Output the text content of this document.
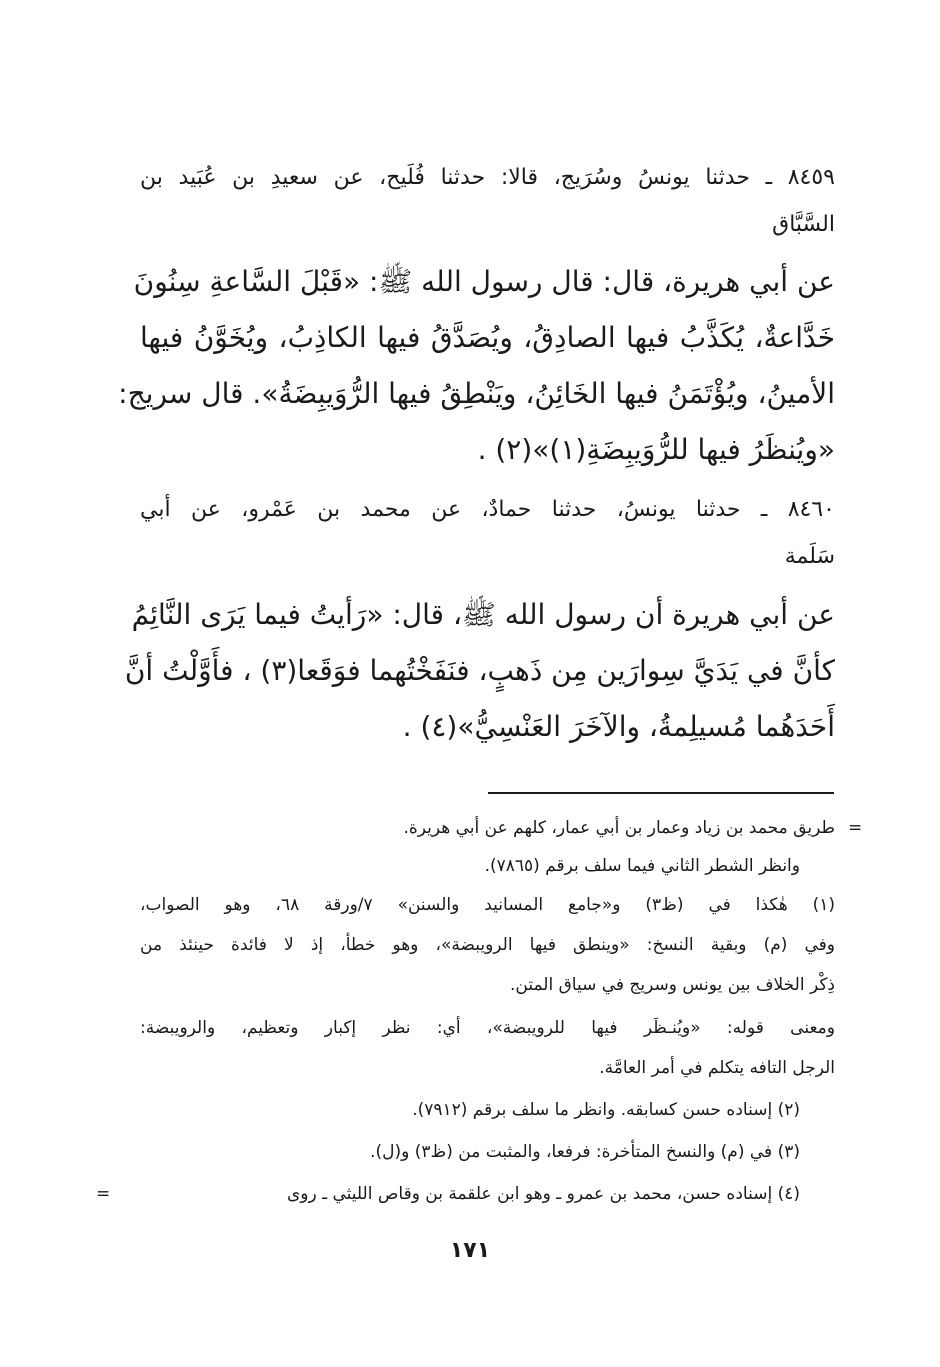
٨٤٥٩ ـ حدثنا يونسُ وسُرَيج، قالا: حدثنا فُلَيح، عن سعيدِ بن عُبَيد بن
السَّبَّاق
عن أبي هريرة، قال: قال رسول الله ﷺ: «قَبْلَ السَّاعةِ سِنُونَ
خَدَّاعةٌ، يُكَذَّبُ فيها الصادِقُ، ويُصَدَّقُ فيها الكاذِبُ، ويُخَوَّنُ فيها
الأمينُ، ويُؤْتَمَنُ فيها الخَائِنُ، ويَنْطِقُ فيها الرُّوَيبِضَةُ». قال سريج:
«ويُنظَرُ فيها للرُّوَيبِضَةِ(١)»(٢) .
٨٤٦٠ ـ حدثنا يونسُ، حدثنا حمادٌ، عن محمد بن عَمْرو، عن أبي
سَلَمة
عن أبي هريرة أن رسول الله ﷺ، قال: «رَأيتُ فيما يَرَى النَّائِمُ
كأنَّ في يَدَيَّ سِوارَين مِن ذَهبٍ، فنَفَخْتُهما فوَقَعا(٣) ، فأَوَّلْتُ أنَّ
أَحَدَهُما مُسيلِمةُ، والآخَرَ العَنْسِيُّ»(٤) .
=
طريق محمد بن زياد وعمار بن أبي عمار، كلهم عن أبي هريرة.
وانظر الشطر الثاني فيما سلف برقم (٧٨٦٥).
(١) هٰكذا في (ظ٣) و«جامع المسانيد والسنن» ٧/ورقة ٦٨، وهو الصواب،
وفي (م) وبقية النسخ: «وينطق فيها الرويبضة»، وهو خطأ، إذ لا فائدة حينئذ من
ذِكْر الخلاف بين يونس وسريج في سياق المتن.
ومعنى قوله: «ويُنـظَر فيها للرويبضة»، أي: نظر إكبار وتعظيم، والرويبضة:
الرجل التافه يتكلم في أمر العامَّة.
(٢) إسناده حسن كسابقه. وانظر ما سلف برقم (٧٩١٢).
(٣) في (م) والنسخ المتأخرة: فرفعا، والمثبت من (ظ٣) و(ل).
(٤) إسناده حسن، محمد بن عمرو ـ وهو ابن علقمة بن وقاص الليثي ـ روى
=
١٧١
